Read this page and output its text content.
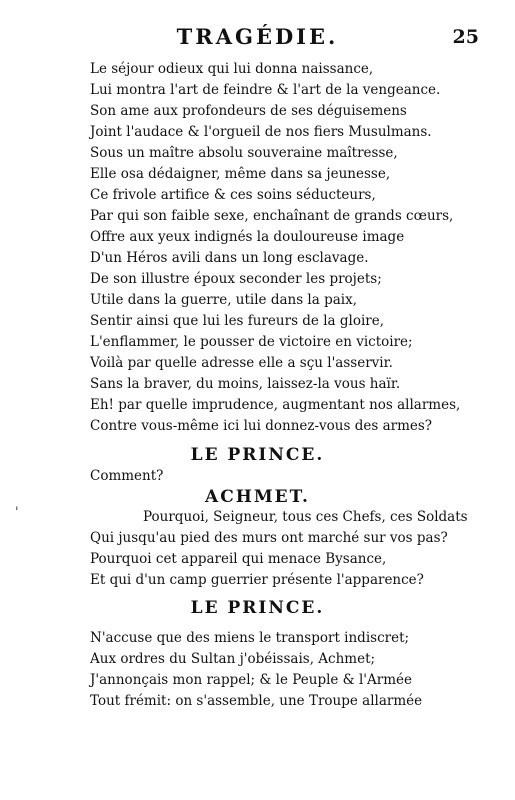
TRAGÉDIE.	25
Le séjour odieux qui lui donna naissance,
Lui montra l'art de feindre & l'art de la vengeance.
Son ame aux profondeurs de ses déguisemens
Joint l'audace & l'orgueil de nos fiers Musulmans.
Sous un maître absolu souveraine maîtresse,
Elle osa dédaigner, même dans sa jeunesse,
Ce frivole artifice & ces soins séducteurs,
Par qui son faible sexe, enchaînant de grands cœurs,
Offre aux yeux indignés la douloureuse image
D'un Héros avili dans un long esclavage.
De son illustre époux seconder les projets;
Utile dans la guerre, utile dans la paix,
Sentir ainsi que lui les fureurs de la gloire,
L'enflammer, le pousser de victoire en victoire;
Voilà par quelle adresse elle a sçu l'asservir.
Sans la braver, du moins, laissez-la vous haïr.
Eh! par quelle imprudence, augmentant nos allarmes,
Contre vous-même ici lui donnez-vous des armes?
LE PRINCE.
Comment?
ACHMET.
'	Pourquoi, Seigneur, tous ces Chefs, ces Soldats
Qui jusqu'au pied des murs ont marché sur vos pas?
Pourquoi cet appareil qui menace Bysance,
Et qui d'un camp guerrier présente l'apparence?
LE PRINCE.
N'accuse que des miens le transport indiscret;
Aux ordres du Sultan j'obéissais, Achmet;
J'annonçais mon rappel; & le Peuple & l'Armée
Tout frémit: on s'assemble, une Troupe allarmée
